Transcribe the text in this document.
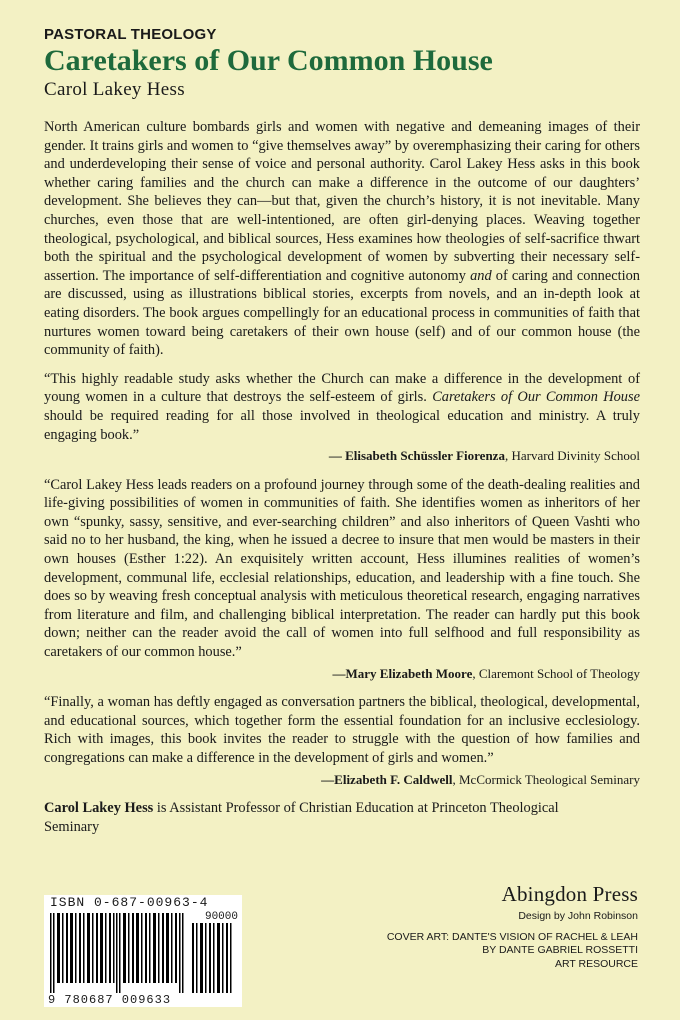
PASTORAL THEOLOGY
Caretakers of Our Common House
Carol Lakey Hess

North American culture bombards girls and women with negative and demeaning images of their gender. It trains girls and women to “give themselves away” by overemphasizing their caring for others and underdeveloping their sense of voice and personal authority. Carol Lakey Hess asks in this book whether caring families and the church can make a difference in the outcome of our daughters’ development. She believes they can—but that, given the church’s history, it is not inevitable. Many churches, even those that are well-intentioned, are often girl-denying places. Weaving together theological, psychological, and biblical sources, Hess examines how theologies of self-sacrifice thwart both the spiritual and the psychological development of women by subverting their necessary self-assertion. The importance of self-differentiation and cognitive autonomy and of caring and connection are discussed, using as illustrations biblical stories, excerpts from novels, and an in-depth look at eating disorders. The book argues compellingly for an educational process in communities of faith that nurtures women toward being caretakers of their own house (self) and of our common house (the community of faith).

“This highly readable study asks whether the Church can make a difference in the development of young women in a culture that destroys the self-esteem of girls. Caretakers of Our Common House should be required reading for all those involved in theological education and ministry. A truly engaging book.”

— Elisabeth Schüssler Fiorenza, Harvard Divinity School

“Carol Lakey Hess leads readers on a profound journey through some of the death-dealing realities and life-giving possibilities of women in communities of faith. She identifies women as inheritors of her own “spunky, sassy, sensitive, and ever-searching children” and also inheritors of Queen Vashti who said no to her husband, the king, when he issued a decree to insure that men would be masters in their own houses (Esther 1:22). An exquisitely written account, Hess illumines realities of women’s development, communal life, ecclesial relationships, education, and leadership with a fine touch. She does so by weaving fresh conceptual analysis with meticulous theoretical research, engaging narratives from literature and film, and challenging biblical interpretation. The reader can hardly put this book down; neither can the reader avoid the call of women into full selfhood and full responsibility as caretakers of our common house.”

—Mary Elizabeth Moore, Claremont School of Theology

“Finally, a woman has deftly engaged as conversation partners the biblical, theological, developmental, and educational sources, which together form the essential foundation for an inclusive ecclesiology. Rich with images, this book invites the reader to struggle with the question of how families and congregations can make a difference in the development of girls and women.”

—Elizabeth F. Caldwell, McCormick Theological Seminary
Carol Lakey Hess is Assistant Professor of Christian Education at Princeton Theological Seminary
ISBN 0-687-00963-4
90000
9 780687 009633
Abingdon Press
Design by John Robinson
COVER ART: DANTE'S VISION OF RACHEL & LEAH
BY DANTE GABRIEL ROSSETTI
ART RESOURCE
